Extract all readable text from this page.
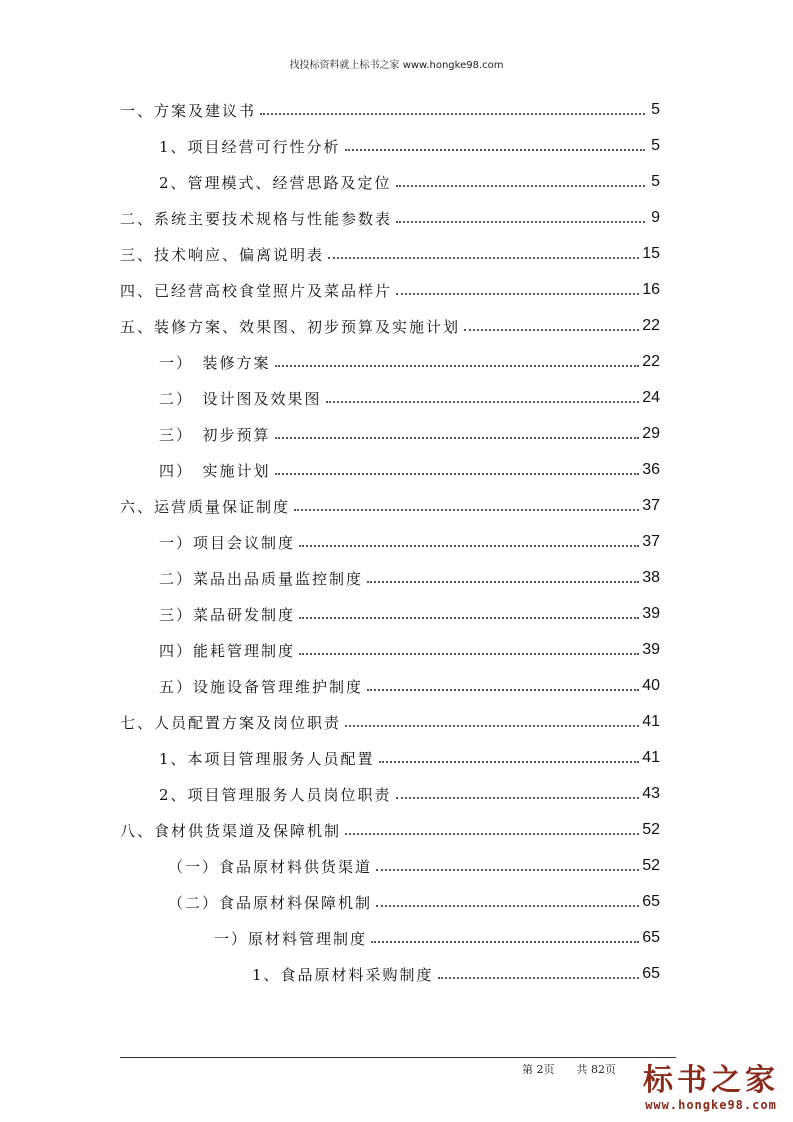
找投标资料就上标书之家 www.hongke98.com
一、方案及建议书	5
1、项目经营可行性分析	5
2、管理模式、经营思路及定位	5
二、系统主要技术规格与性能参数表	9
三、技术响应、偏离说明表	15
四、已经营高校食堂照片及菜品样片	16
五、装修方案、效果图、初步预算及实施计划	22
一）　装修方案	22
二）　设计图及效果图	24
三）　初步预算	29
四）　实施计划	36
六、运营质量保证制度	37
一）项目会议制度	37
二）菜品出品质量监控制度	38
三）菜品研发制度	39
四）能耗管理制度	39
五）设施设备管理维护制度	40
七、人员配置方案及岗位职责	41
1、本项目管理服务人员配置	41
2、项目管理服务人员岗位职责	43
八、食材供货渠道及保障机制	52
（一）食品原材料供货渠道	52
（二）食品原材料保障机制	65
一）原材料管理制度	65
1、食品原材料采购制度	65
第 2页 共 82页 标书之家
www.hongke98.com
